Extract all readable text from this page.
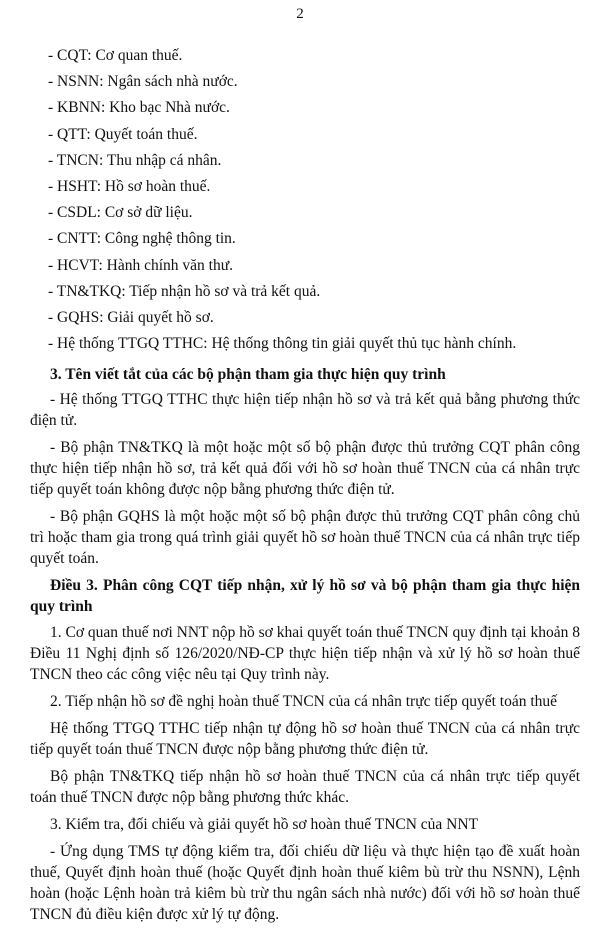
2
- CQT: Cơ quan thuế.
- NSNN: Ngân sách nhà nước.
- KBNN: Kho bạc Nhà nước.
- QTT: Quyết toán thuế.
- TNCN: Thu nhập cá nhân.
- HSHT: Hồ sơ hoàn thuế.
- CSDL: Cơ sở dữ liệu.
- CNTT: Công nghệ thông tin.
- HCVT: Hành chính văn thư.
- TN&TKQ: Tiếp nhận hồ sơ và trả kết quả.
- GQHS: Giải quyết hồ sơ.
- Hệ thống TTGQ TTHC: Hệ thống thông tin giải quyết thủ tục hành chính.

3. Tên viết tắt của các bộ phận tham gia thực hiện quy trình

- Hệ thống TTGQ TTHC thực hiện tiếp nhận hồ sơ và trả kết quả bằng phương thức điện tử.

- Bộ phận TN&TKQ là một hoặc một số bộ phận được thủ trưởng CQT phân công thực hiện tiếp nhận hồ sơ, trả kết quả đối với hồ sơ hoàn thuế TNCN của cá nhân trực tiếp quyết toán không được nộp bằng phương thức điện tử.

- Bộ phận GQHS là một hoặc một số bộ phận được thủ trưởng CQT phân công chủ trì hoặc tham gia trong quá trình giải quyết hồ sơ hoàn thuế TNCN của cá nhân trực tiếp quyết toán.

Điều 3. Phân công CQT tiếp nhận, xử lý hồ sơ và bộ phận tham gia thực hiện quy trình

1. Cơ quan thuế nơi NNT nộp hồ sơ khai quyết toán thuế TNCN quy định tại khoản 8 Điều 11 Nghị định số 126/2020/NĐ-CP thực hiện tiếp nhận và xử lý hồ sơ hoàn thuế TNCN theo các công việc nêu tại Quy trình này.

2. Tiếp nhận hồ sơ đề nghị hoàn thuế TNCN của cá nhân trực tiếp quyết toán thuế

Hệ thống TTGQ TTHC tiếp nhận tự động hồ sơ hoàn thuế TNCN của cá nhân trực tiếp quyết toán thuế TNCN được nộp bằng phương thức điện tử.

Bộ phận TN&TKQ tiếp nhận hồ sơ hoàn thuế TNCN của cá nhân trực tiếp quyết toán thuế TNCN được nộp bằng phương thức khác.

3. Kiểm tra, đối chiếu và giải quyết hồ sơ hoàn thuế TNCN của NNT

- Ứng dụng TMS tự động kiểm tra, đối chiếu dữ liệu và thực hiện tạo đề xuất hoàn thuế, Quyết định hoàn thuế (hoặc Quyết định hoàn thuế kiêm bù trừ thu NSNN), Lệnh hoàn (hoặc Lệnh hoàn trả kiêm bù trừ thu ngân sách nhà nước) đối với hồ sơ hoàn thuế TNCN đủ điều kiện được xử lý tự động.
